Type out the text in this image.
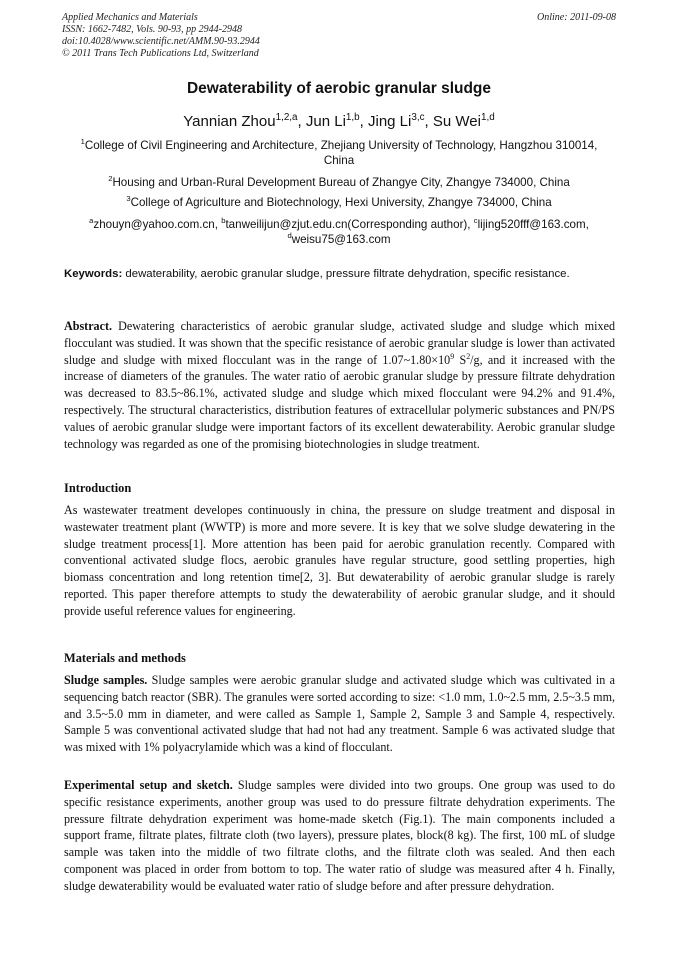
Applied Mechanics and Materials
ISSN: 1662-7482, Vols. 90-93, pp 2944-2948
doi:10.4028/www.scientific.net/AMM.90-93.2944
© 2011 Trans Tech Publications Ltd, Switzerland
Online: 2011-09-08
Dewaterability of aerobic granular sludge
Yannian Zhou$^{1,2,a}$, Jun Li$^{1,b}$, Jing Li$^{3,c}$, Su Wei$^{1,d}$
$^1$College of Civil Engineering and Architecture, Zhejiang University of Technology, Hangzhou 310014, China
$^2$Housing and Urban-Rural Development Bureau of Zhangye City, Zhangye 734000, China
$^3$College of Agriculture and Biotechnology, Hexi University, Zhangye 734000, China
$^a$zhouyn@yahoo.com.cn, $^b$tanweilijun@zjut.edu.cn(Corresponding author), $^c$lijing520fff@163.com, $^d$weisu75@163.com
Keywords: dewaterability, aerobic granular sludge, pressure filtrate dehydration, specific resistance.
Abstract. Dewatering characteristics of aerobic granular sludge, activated sludge and sludge which mixed flocculant was studied. It was shown that the specific resistance of aerobic granular sludge is lower than activated sludge and sludge with mixed flocculant was in the range of $1.07\sim 1.80\times 10^9$ $S^2/g$, and it increased with the increase of diameters of the granules. The water ratio of aerobic granular sludge by pressure filtrate dehydration was decreased to 83.5~86.1%, activated sludge and sludge which mixed flocculant were 94.2% and 91.4%, respectively. The structural characteristics, distribution features of extracellular polymeric substances and PN/PS values of aerobic granular sludge were important factors of its excellent dewaterability. Aerobic granular sludge technology was regarded as one of the promising biotechnologies in sludge treatment.
Introduction
As wastewater treatment developes continuously in china, the pressure on sludge treatment and disposal in wastewater treatment plant (WWTP) is more and more severe. It is key that we solve sludge dewatering in the sludge treatment process[1]. More attention has been paid for aerobic granulation recently. Compared with conventional activated sludge flocs, aerobic granules have regular structure, good settling properties, high biomass concentration and long retention time[2, 3]. But dewaterability of aerobic granular sludge is rarely reported. This paper therefore attempts to study the dewaterability of aerobic granular sludge, and it should provide useful reference values for engineering.
Materials and methods
Sludge samples. Sludge samples were aerobic granular sludge and activated sludge which was cultivated in a sequencing batch reactor (SBR). The granules were sorted according to size: <1.0 mm, 1.0~2.5 mm, 2.5~3.5 mm, and 3.5~5.0 mm in diameter, and were called as Sample 1, Sample 2, Sample 3 and Sample 4, respectively. Sample 5 was conventional activated sludge that had not had any treatment. Sample 6 was activated sludge that was mixed with 1% polyacrylamide which was a kind of flocculant.
Experimental setup and sketch. Sludge samples were divided into two groups. One group was used to do specific resistance experiments, another group was used to do pressure filtrate dehydration experiments. The pressure filtrate dehydration experiment was home-made sketch (Fig.1). The main components included a support frame, filtrate plates, filtrate cloth (two layers), pressure plates, block(8 kg). The first, 100 mL of sludge sample was taken into the middle of two filtrate cloths, and the filtrate cloth was sealed. And then each component was placed in order from bottom to top. The water ratio of sludge was measured after 4 h. Finally, sludge dewaterability would be evaluated water ratio of sludge before and after pressure dehydration.
